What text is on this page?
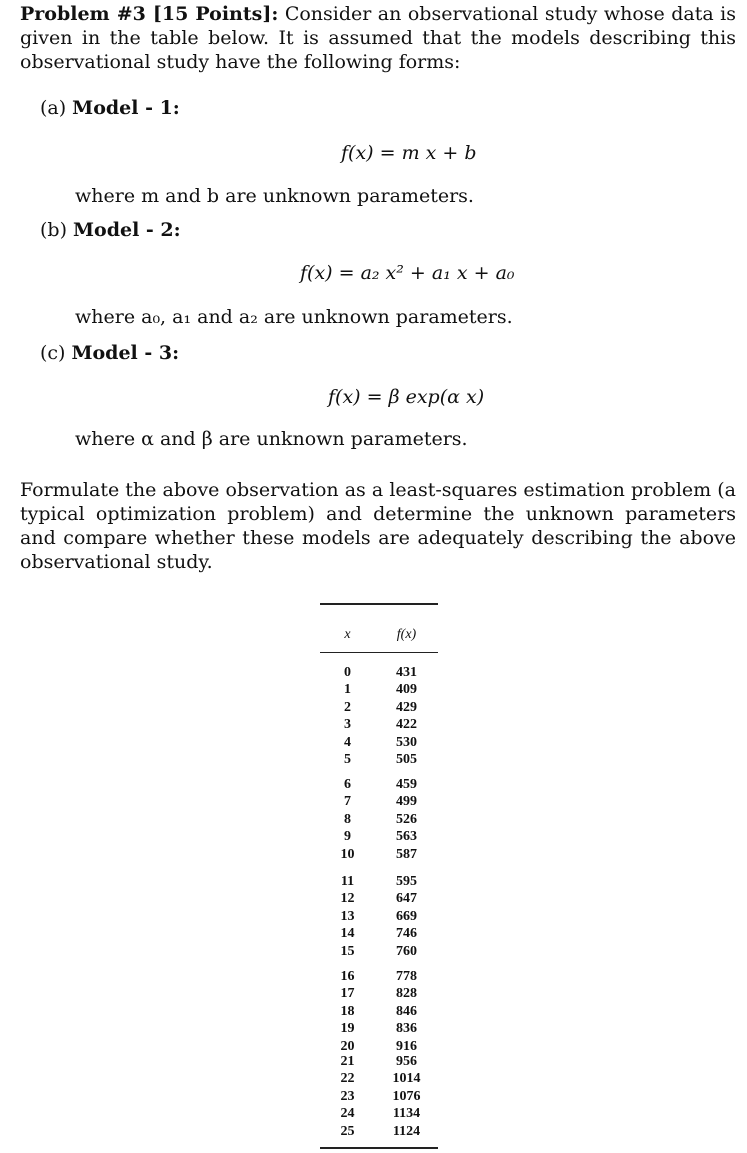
Problem #3 [15 Points]: Consider an observational study whose data is given in the table below. It is assumed that the models describing this observational study have the following forms:

(a) Model - 1:
f(x) = m x + b
where m and b are unknown parameters.
(b) Model - 2:
f(x) = a₂ x² + a₁ x + a₀
where a₀, a₁ and a₂ are unknown parameters.
(c) Model - 3:
f(x) = β exp(α x)
where α and β are unknown parameters.

Formulate the above observation as a least-squares estimation problem (a typical optimization problem) and determine the unknown parameters and compare whether these models are adequately describing the above observational study.

x	f(x)
0	431
1	409
2	429
3	422
4	530
5	505
6	459
7	499
8	526
9	563
10	587
11	595
12	647
13	669
14	746
15	760
16	778
17	828
18	846
19	836
20	916
21	956
22	1014
23	1076
24	1134
25	1124
